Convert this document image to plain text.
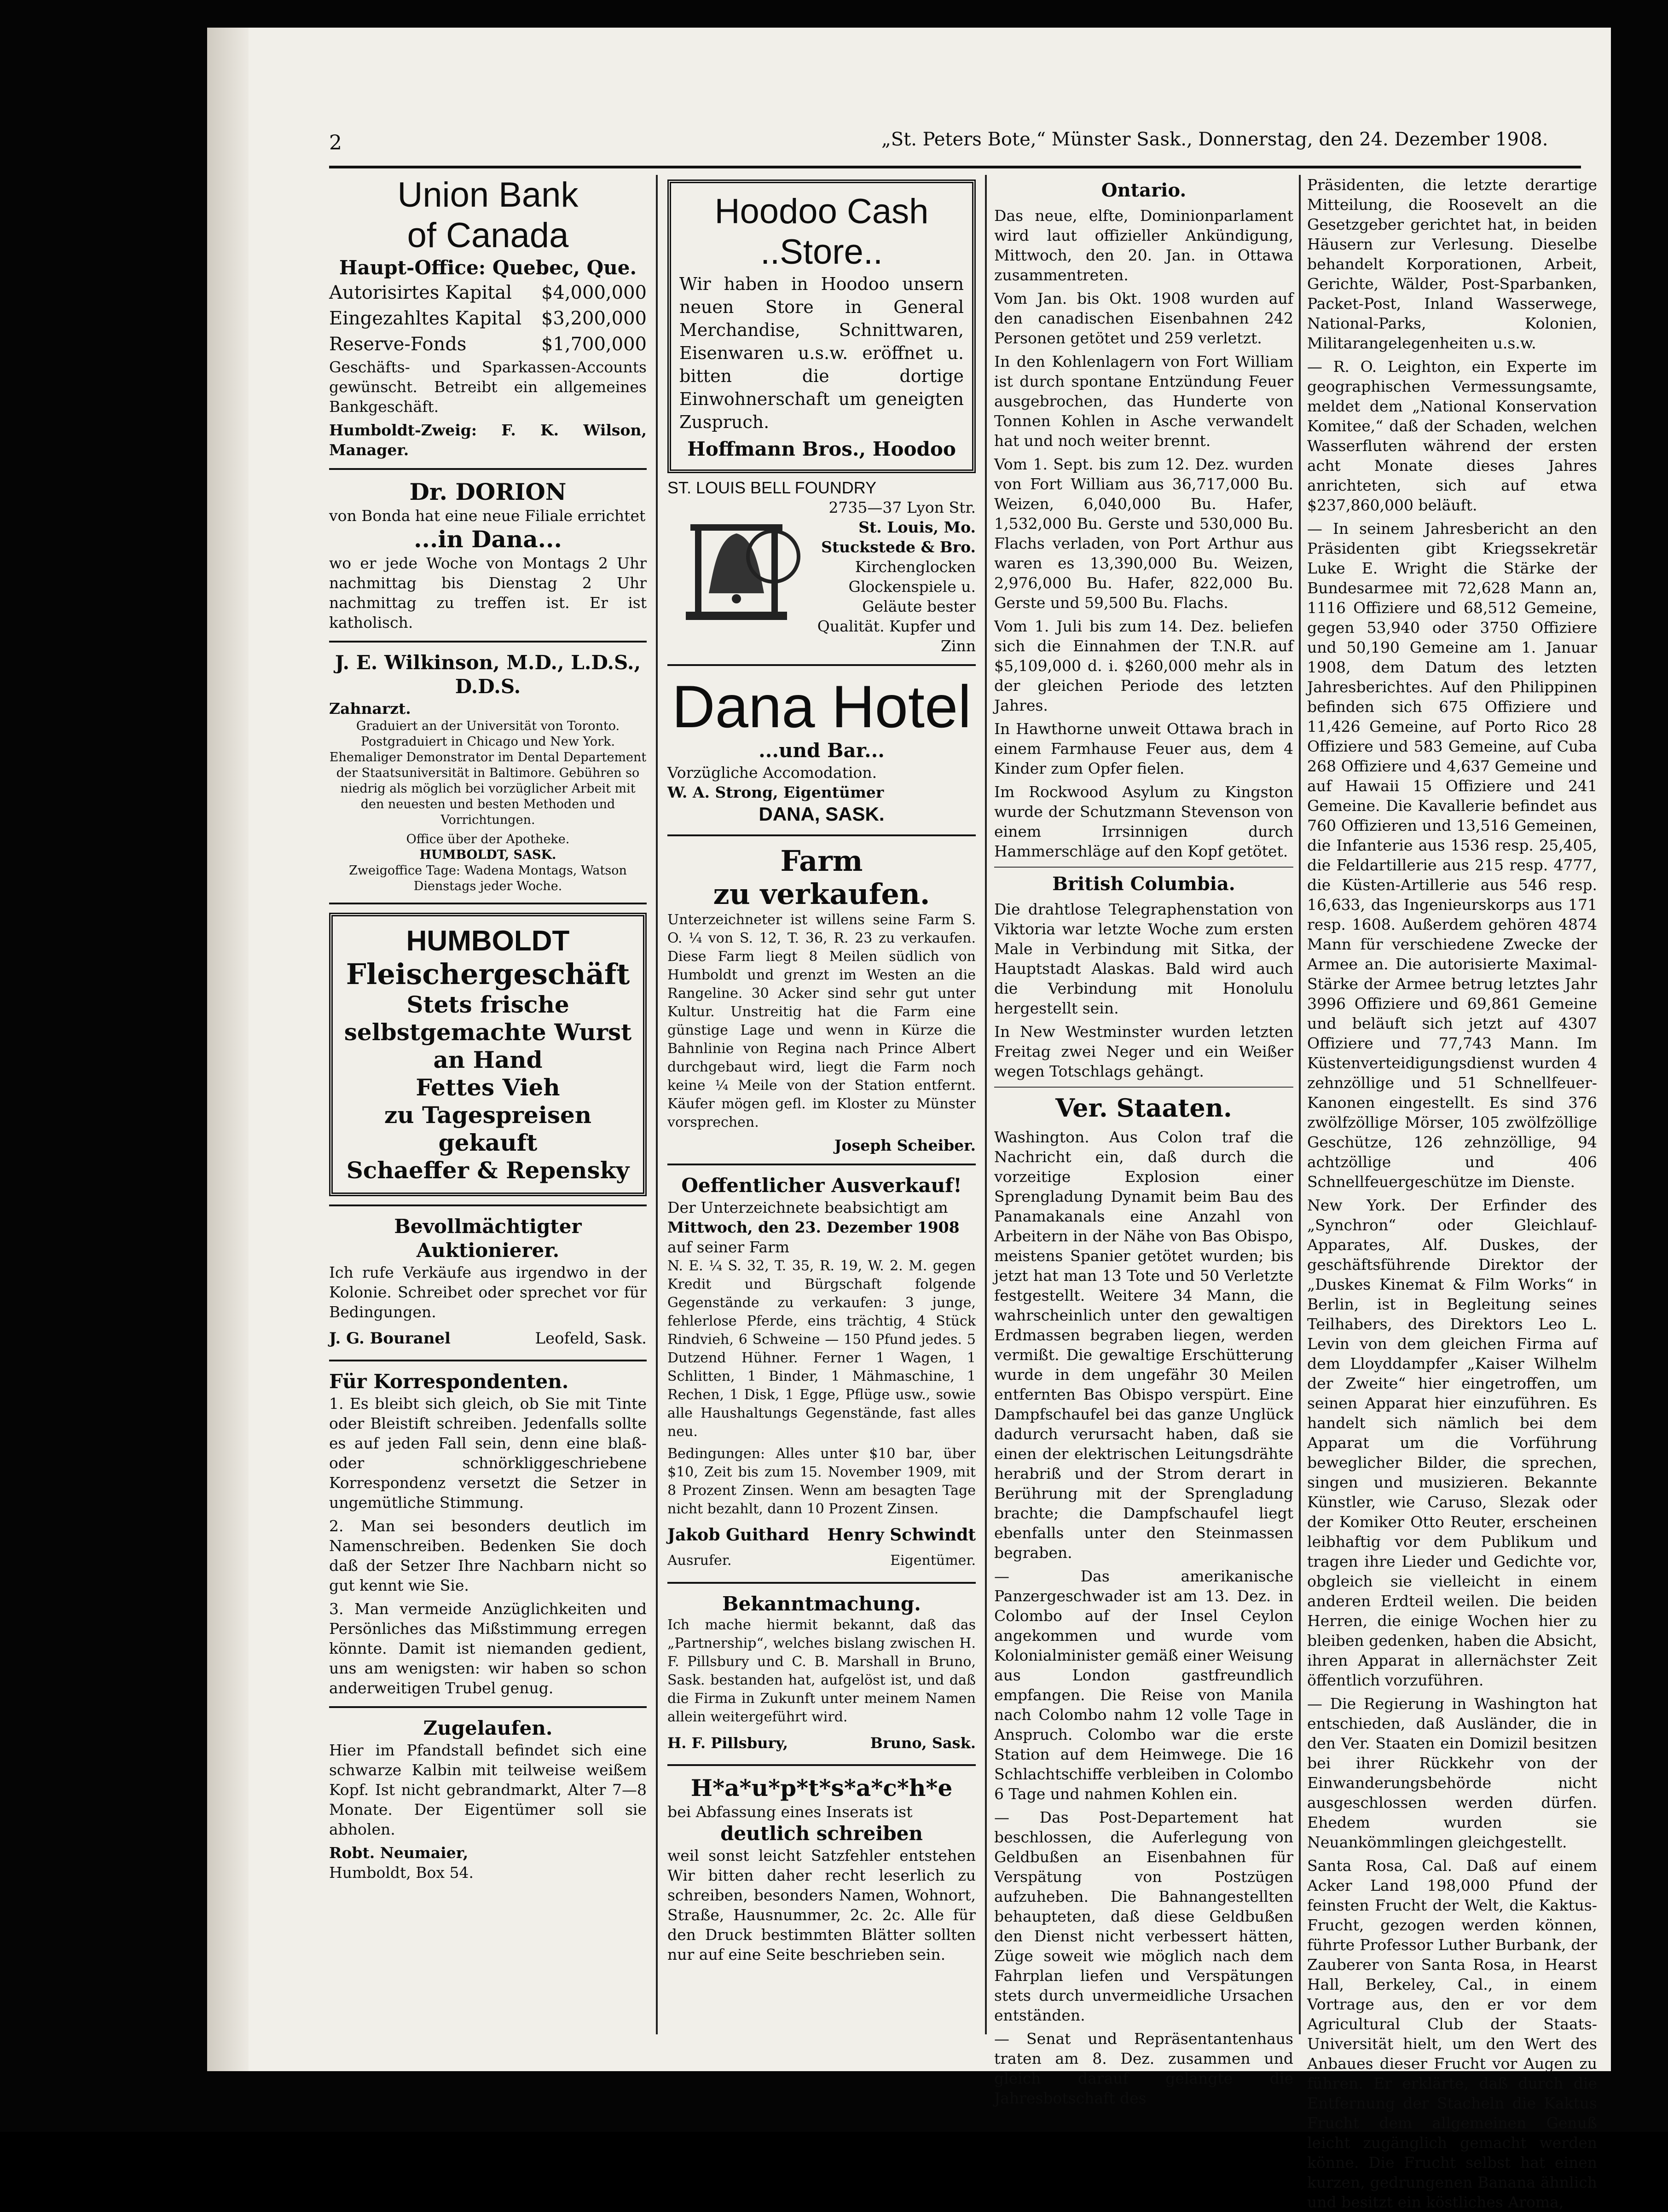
2	„St. Peters Bote,“ Münster Sask., Donnerstag, den 24. Dezember 1908.
Union Bank
of Canada
Haupt-Office: Quebec, Que.
Autorisirtes Kapital $4,000,000
Eingezahltes Kapital $3,200,000
Reserve-Fonds	$1,700,000

Geschäfts- und Sparkassen-Accounts gewünscht. Betreibt ein allgemeines Bankgeschäft.

Humboldt-Zweig: F. K. Wilson, Manager.

Dr. DORION
von Bonda hat eine neue Filiale errichtet
...in Dana...

wo er jede Woche von Montags 2 Uhr nachmittag bis Dienstag 2 Uhr nachmittag zu treffen ist. Er ist katholisch.

J. E. Wilkinson, M.D., L.D.S., D.D.S.
Zahnarzt.

Graduiert an der Universität von Toronto. Postgraduiert in Chicago und New York. Ehemaliger Demonstrator im Dental Departement der Staatsuniversität in Baltimore. Gebühren so niedrig als möglich bei vorzüglicher Arbeit mit den neuesten und besten Methoden und Vorrichtungen.

Office über der Apotheke.
HUMBOLDT, SASK.
Zweigoffice Tage: Wadena Montags, Watson Dienstags jeder Woche.
HUMBOLDT
Fleischergeschäft
Stets frische
selbstgemachte Wurst
an Hand
Fettes Vieh
zu Tagespreisen
gekauft
Schaeffer & Repensky
Bevollmächtigter Auktionierer.

Ich rufe Verkäufe aus irgendwo in der Kolonie. Schreibet oder sprechet vor für Bedingungen.

J. G. Bouranel	Leofeld, Sask.
Für Korrespondenten.

1. Es bleibt sich gleich, ob Sie mit Tinte oder Bleistift schreiben. Jedenfalls sollte es auf jeden Fall sein, denn eine blaß- oder schnörkliggeschriebene Korrespondenz versetzt die Setzer in ungemütliche Stimmung.

2. Man sei besonders deutlich im Namenschreiben. Bedenken Sie doch daß der Setzer Ihre Nachbarn nicht so gut kennt wie Sie.

3. Man vermeide Anzüglichkeiten und Persönliches das Mißstimmung erregen könnte. Damit ist niemanden gedient, uns am wenigsten: wir haben so schon anderweitigen Trubel genug.

Zugelaufen.

Hier im Pfandstall befindet sich eine schwarze Kalbin mit teilweise weißem Kopf. Ist nicht gebrandmarkt, Alter 7—8 Monate. Der Eigentümer soll sie abholen.

Robt. Neumaier,
Humboldt, Box 54.
Hoodoo Cash
..Store..

Wir haben in Hoodoo unsern neuen Store in General Merchandise, Schnittwaren, Eisenwaren u.s.w. eröffnet u. bitten die dortige Einwohnerschaft um geneigten Zuspruch.

Hoffmann Bros., Hoodoo
ST. LOUIS BELL FOUNDRY
2735—37 Lyon Str.
St. Louis, Mo.
Stuckstede & Bro.

Kirchenglocken Glockenspiele u. Geläute bester Qualität. Kupfer und Zinn

Dana Hotel
...und Bar...
Vorzügliche Accomodation.
W. A. Strong, Eigentümer
DANA, SASK.
Farm
zu verkaufen.

Unterzeichneter ist willens seine Farm S. O. ¼ von S. 12, T. 36, R. 23 zu verkaufen. Diese Farm liegt 8 Meilen südlich von Humboldt und grenzt im Westen an die Rangeline. 30 Acker sind sehr gut unter Kultur. Unstreitig hat die Farm eine günstige Lage und wenn in Kürze die Bahnlinie von Regina nach Prince Albert durchgebaut wird, liegt die Farm noch keine ¼ Meile von der Station entfernt. Käufer mögen gefl. im Kloster zu Münster vorsprechen.

Joseph Scheiber.
Oeffentlicher Ausverkauf!
Der Unterzeichnete beabsichtigt am
Mittwoch, den 23. Dezember 1908
auf seiner Farm

N. E. ¼ S. 32, T. 35, R. 19, W. 2. M. gegen Kredit und Bürgschaft folgende Gegenstände zu verkaufen: 3 junge, fehlerlose Pferde, eins trächtig, 4 Stück Rindvieh, 6 Schweine — 150 Pfund jedes. 5 Dutzend Hühner. Ferner 1 Wagen, 1 Schlitten, 1 Binder, 1 Mähmaschine, 1 Rechen, 1 Disk, 1 Egge, Pflüge usw., sowie alle Haushaltungs Gegenstände, fast alles neu.

Bedingungen: Alles unter $10 bar, über $10, Zeit bis zum 15. November 1909, mit 8 Prozent Zinsen. Wenn am besagten Tage nicht bezahlt, dann 10 Prozent Zinsen.

Jakob Guithard Henry Schwindt
Ausrufer.	Eigentümer.
Bekanntmachung.

Ich mache hiermit bekannt, daß das „Partnership“, welches bislang zwischen H. F. Pillsbury und C. B. Marshall in Bruno, Sask. bestanden hat, aufgelöst ist, und daß die Firma in Zukunft unter meinem Namen allein weitergeführt wird.

H. F. Pillsbury,	Bruno, Sask.
H*a*u*p*t*s*a*c*h*e
bei Abfassung eines Inserats ist
deutlich schreiben

weil sonst leicht Satzfehler entstehen Wir bitten daher recht leserlich zu schreiben, besonders Namen, Wohnort, Straße, Hausnummer, 2c. 2c. Alle für den Druck bestimmten Blätter sollten nur auf eine Seite beschrieben sein.

Ontario.

Das neue, elfte, Dominionparlament wird laut offizieller Ankündigung, Mittwoch, den 20. Jan. in Ottawa zusammentreten.

Vom Jan. bis Okt. 1908 wurden auf den canadischen Eisenbahnen 242 Personen getötet und 259 verletzt.

In den Kohlenlagern von Fort William ist durch spontane Entzündung Feuer ausgebrochen, das Hunderte von Tonnen Kohlen in Asche verwandelt hat und noch weiter brennt.

Vom 1. Sept. bis zum 12. Dez. wurden von Fort William aus 36,717,000 Bu. Weizen, 6,040,000 Bu. Hafer, 1,532,000 Bu. Gerste und 530,000 Bu. Flachs verladen, von Port Arthur aus waren es 13,390,000 Bu. Weizen, 2,976,000 Bu. Hafer, 822,000 Bu. Gerste und 59,500 Bu. Flachs.

Vom 1. Juli bis zum 14. Dez. beliefen sich die Einnahmen der T.N.R. auf $5,109,000 d. i. $260,000 mehr als in der gleichen Periode des letzten Jahres.

In Hawthorne unweit Ottawa brach in einem Farmhause Feuer aus, dem 4 Kinder zum Opfer fielen.

Im Rockwood Asylum zu Kingston wurde der Schutzmann Stevenson von einem Irrsinnigen durch Hammerschläge auf den Kopf getötet.

British Columbia.

Die drahtlose Telegraphenstation von Viktoria war letzte Woche zum ersten Male in Verbindung mit Sitka, der Hauptstadt Alaskas. Bald wird auch die Verbindung mit Honolulu hergestellt sein.

In New Westminster wurden letzten Freitag zwei Neger und ein Weißer wegen Totschlags gehängt.

Ver. Staaten.

Washington. Aus Colon traf die Nachricht ein, daß durch die vorzeitige Explosion einer Sprengladung Dynamit beim Bau des Panamakanals eine Anzahl von Arbeitern in der Nähe von Bas Obispo, meistens Spanier getötet wurden; bis jetzt hat man 13 Tote und 50 Verletzte festgestellt. Weitere 34 Mann, die wahrscheinlich unter den gewaltigen Erdmassen begraben liegen, werden vermißt. Die gewaltige Erschütterung wurde in dem ungefähr 30 Meilen entfernten Bas Obispo verspürt. Eine Dampfschaufel bei das ganze Unglück dadurch verursacht haben, daß sie einen der elektrischen Leitungsdrähte herabriß und der Strom derart in Berührung mit der Sprengladung brachte; die Dampfschaufel liegt ebenfalls unter den Steinmassen begraben.

— Das amerikanische Panzergeschwader ist am 13. Dez. in Colombo auf der Insel Ceylon angekommen und wurde vom Kolonialminister gemäß einer Weisung aus London gastfreundlich empfangen. Die Reise von Manila nach Colombo nahm 12 volle Tage in Anspruch. Colombo war die erste Station auf dem Heimwege. Die 16 Schlachtschiffe verbleiben in Colombo 6 Tage und nahmen Kohlen ein.

— Das Post-Departement hat beschlossen, die Auferlegung von Geldbußen an Eisenbahnen für Verspätung von Postzügen aufzuheben. Die Bahnangestellten behaupteten, daß diese Geldbußen den Dienst nicht verbessert hätten, Züge soweit wie möglich nach dem Fahrplan liefen und Verspätungen stets durch unvermeidliche Ursachen entständen.

— Senat und Repräsentantenhaus traten am 8. Dez. zusammen und gleich darauf gelangte die Jahresbotschaft des

Präsidenten, die letzte derartige Mitteilung, die Roosevelt an die Gesetzgeber gerichtet hat, in beiden Häusern zur Verlesung. Dieselbe behandelt Korporationen, Arbeit, Gerichte, Wälder, Post-Sparbanken, Packet-Post, Inland Wasserwege, National-Parks, Kolonien, Militarangelegenheiten u.s.w.

— R. O. Leighton, ein Experte im geographischen Vermessungsamte, meldet dem „National Konservation Komitee,“ daß der Schaden, welchen Wasserfluten während der ersten acht Monate dieses Jahres anrichteten, sich auf etwa $237,860,000 beläuft.

— In seinem Jahresbericht an den Präsidenten gibt Kriegssekretär Luke E. Wright die Stärke der Bundesarmee mit 72,628 Mann an, 1116 Offiziere und 68,512 Gemeine, gegen 53,940 oder 3750 Offiziere und 50,190 Gemeine am 1. Januar 1908, dem Datum des letzten Jahresberichtes. Auf den Philippinen befinden sich 675 Offiziere und 11,426 Gemeine, auf Porto Rico 28 Offiziere und 583 Gemeine, auf Cuba 268 Offiziere und 4,637 Gemeine und auf Hawaii 15 Offiziere und 241 Gemeine. Die Kavallerie befindet aus 760 Offizieren und 13,516 Gemeinen, die Infanterie aus 1536 resp. 25,405, die Feldartillerie aus 215 resp. 4777, die Küsten-Artillerie aus 546 resp. 16,633, das Ingenieurskorps aus 171 resp. 1608. Außerdem gehören 4874 Mann für verschiedene Zwecke der Armee an. Die autorisierte Maximal-Stärke der Armee betrug letztes Jahr 3996 Offiziere und 69,861 Gemeine und beläuft sich jetzt auf 4307 Offiziere und 77,743 Mann. Im Küstenverteidigungsdienst wurden 4 zehnzöllige und 51 Schnellfeuer-Kanonen eingestellt. Es sind 376 zwölfzöllige Mörser, 105 zwölfzöllige Geschütze, 126 zehnzöllige, 94 achtzöllige und 406 Schnellfeuergeschütze im Dienste.

New York. Der Erfinder des „Synchron“ oder Gleichlauf-Apparates, Alf. Duskes, der geschäftsführende Direktor der „Duskes Kinemat & Film Works“ in Berlin, ist in Begleitung seines Teilhabers, des Direktors Leo L. Levin von dem gleichen Firma auf dem Lloyddampfer „Kaiser Wilhelm der Zweite“ hier eingetroffen, um seinen Apparat hier einzuführen. Es handelt sich nämlich bei dem Apparat um die Vorführung beweglicher Bilder, die sprechen, singen und musizieren. Bekannte Künstler, wie Caruso, Slezak oder der Komiker Otto Reuter, erscheinen leibhaftig vor dem Publikum und tragen ihre Lieder und Gedichte vor, obgleich sie vielleicht in einem anderen Erdteil weilen. Die beiden Herren, die einige Wochen hier zu bleiben gedenken, haben die Absicht, ihren Apparat in allernächster Zeit öffentlich vorzuführen.

— Die Regierung in Washington hat entschieden, daß Ausländer, die in den Ver. Staaten ein Domizil besitzen bei ihrer Rückkehr von der Einwanderungsbehörde nicht ausgeschlossen werden dürfen. Ehedem wurden sie Neuankömmlingen gleichgestellt.

Santa Rosa, Cal. Daß auf einem Acker Land 198,000 Pfund der feinsten Frucht der Welt, die Kaktus-Frucht, gezogen werden können, führte Professor Luther Burbank, der Zauberer von Santa Rosa, in Hearst Hall, Berkeley, Cal., in einem Vortrage aus, den er vor dem Agricultural Club der Staats-Universität hielt, um den Wert des Anbaues dieser Frucht vor Augen zu führen. Er erklärte, daß durch die Entfernung der Stacheln die Kaktus Frucht dem allgemeinen Genuß leicht zugänglich gemacht werden könne. Die Frucht selbst hat einen kurzen, gedrungenen Banana ähnlich und besitzt ein köstliches Aroma,
